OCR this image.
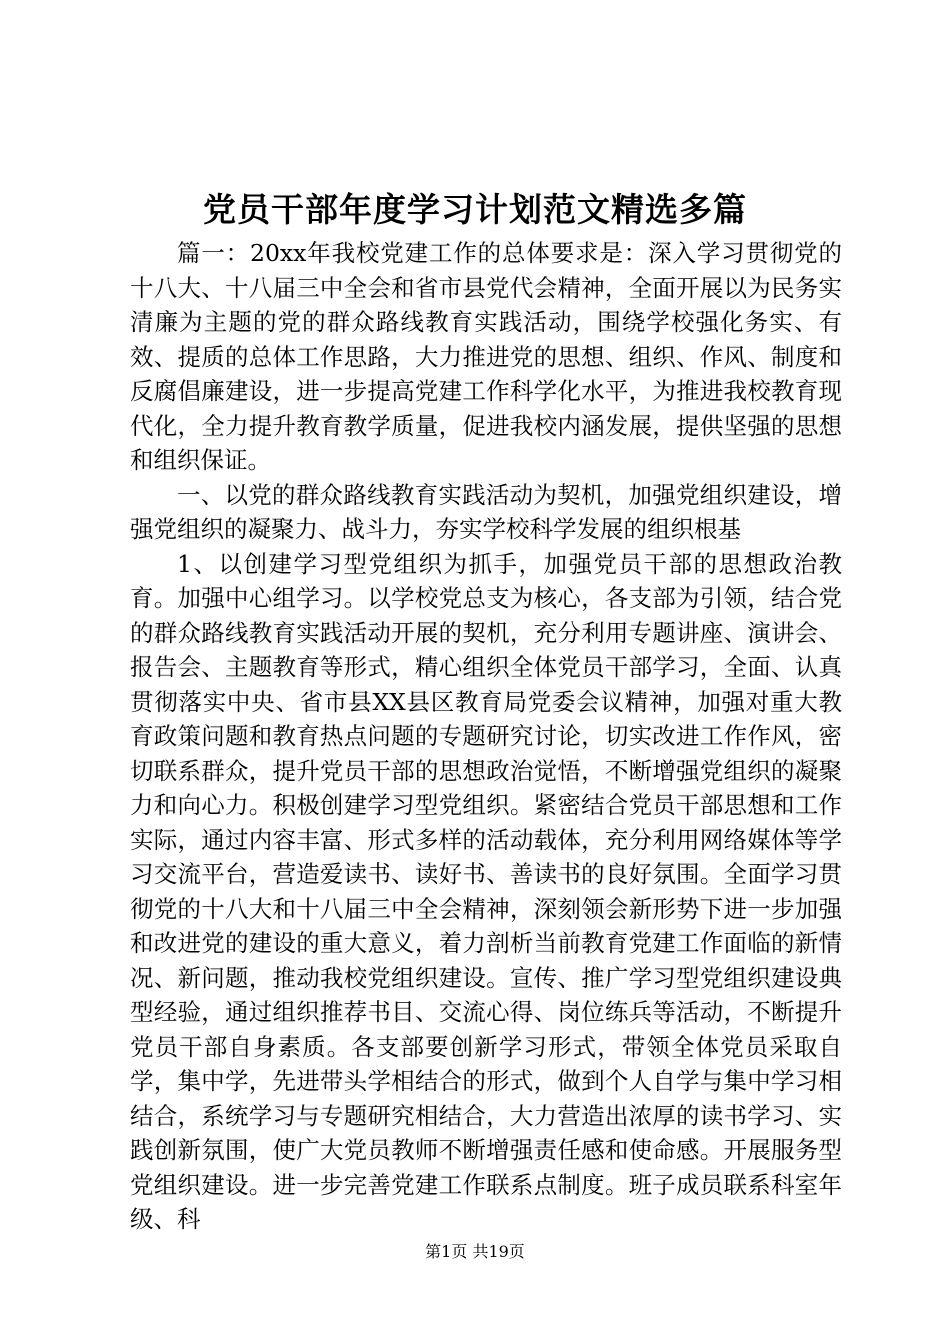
党员干部年度学习计划范文精选多篇

篇一：20xx年我校党建工作的总体要求是：深入学习贯彻党的十八大、十八届三中全会和省市县党代会精神，全面开展以为民务实清廉为主题的党的群众路线教育实践活动，围绕学校强化务实、有效、提质的总体工作思路，大力推进党的思想、组织、作风、制度和反腐倡廉建设，进一步提高党建工作科学化水平，为推进我校教育现代化，全力提升教育教学质量，促进我校内涵发展，提供坚强的思想和组织保证。

一、以党的群众路线教育实践活动为契机，加强党组织建设，增强党组织的凝聚力、战斗力，夯实学校科学发展的组织根基

1、以创建学习型党组织为抓手，加强党员干部的思想政治教育。加强中心组学习。以学校党总支为核心，各支部为引领，结合党的群众路线教育实践活动开展的契机，充分利用专题讲座、演讲会、报告会、主题教育等形式，精心组织全体党员干部学习，全面、认真贯彻落实中央、省市县XX县区教育局党委会议精神，加强对重大教育政策问题和教育热点问题的专题研究讨论，切实改进工作作风，密切联系群众，提升党员干部的思想政治觉悟，不断增强党组织的凝聚力和向心力。积极创建学习型党组织。紧密结合党员干部思想和工作实际，通过内容丰富、形式多样的活动载体，充分利用网络媒体等学习交流平台，营造爱读书、读好书、善读书的良好氛围。全面学习贯彻党的十八大和十八届三中全会精神，深刻领会新形势下进一步加强和改进党的建设的重大意义，着力剖析当前教育党建工作面临的新情况、新问题，推动我校党组织建设。宣传、推广学习型党组织建设典型经验，通过组织推荐书目、交流心得、岗位练兵等活动，不断提升党员干部自身素质。各支部要创新学习形式，带领全体党员采取自学，集中学，先进带头学相结合的形式，做到个人自学与集中学习相结合，系统学习与专题研究相结合，大力营造出浓厚的读书学习、实践创新氛围，使广大党员教师不断增强责任感和使命感。开展服务型党组织建设。进一步完善党建工作联系点制度。班子成员联系科室年级、科

第1页 共19页
